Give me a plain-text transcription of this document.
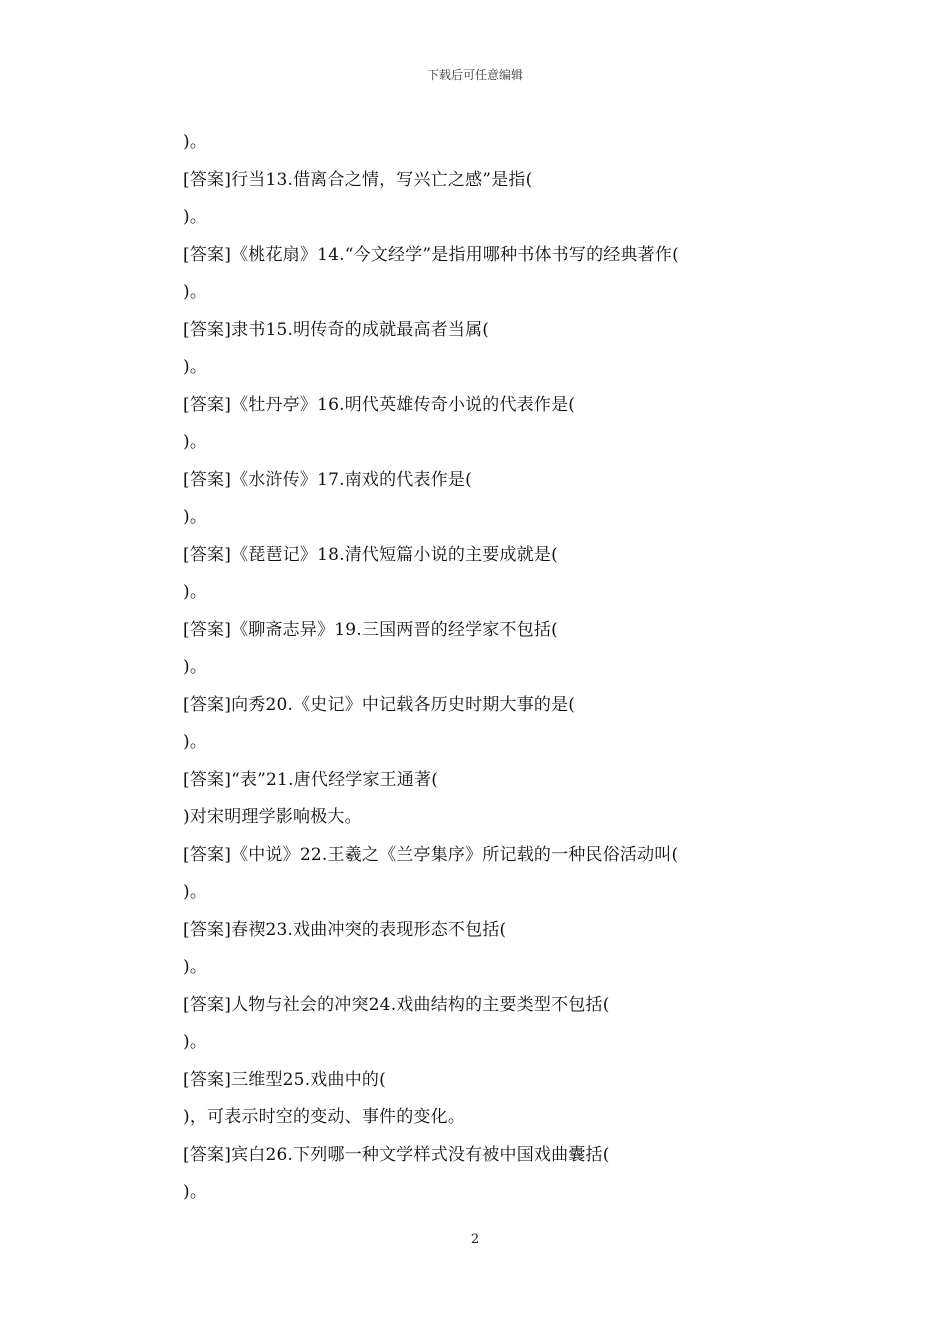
下载后可任意编辑
)。
[答案]行当13.借离合之情，写兴亡之感”是指(
)。
[答案]《桃花扇》14.“今文经学”是指用哪种书体书写的经典著作(
)。
[答案]隶书15.明传奇的成就最高者当属(
)。
[答案]《牡丹亭》16.明代英雄传奇小说的代表作是(
)。
[答案]《水浒传》17.南戏的代表作是(
)。
[答案]《琵琶记》18.清代短篇小说的主要成就是(
)。
[答案]《聊斋志异》19.三国两晋的经学家不包括(
)。
[答案]向秀20.《史记》中记载各历史时期大事的是(
)。
[答案]“表”21.唐代经学家王通著(
)对宋明理学影响极大。
[答案]《中说》22.王羲之《兰亭集序》所记载的一种民俗活动叫(
)。
[答案]春禊23.戏曲冲突的表现形态不包括(
)。
[答案]人物与社会的冲突24.戏曲结构的主要类型不包括(
)。
[答案]三维型25.戏曲中的(
)，可表示时空的变动、事件的变化。
[答案]宾白26.下列哪一种文学样式没有被中国戏曲囊括(
)。
2
